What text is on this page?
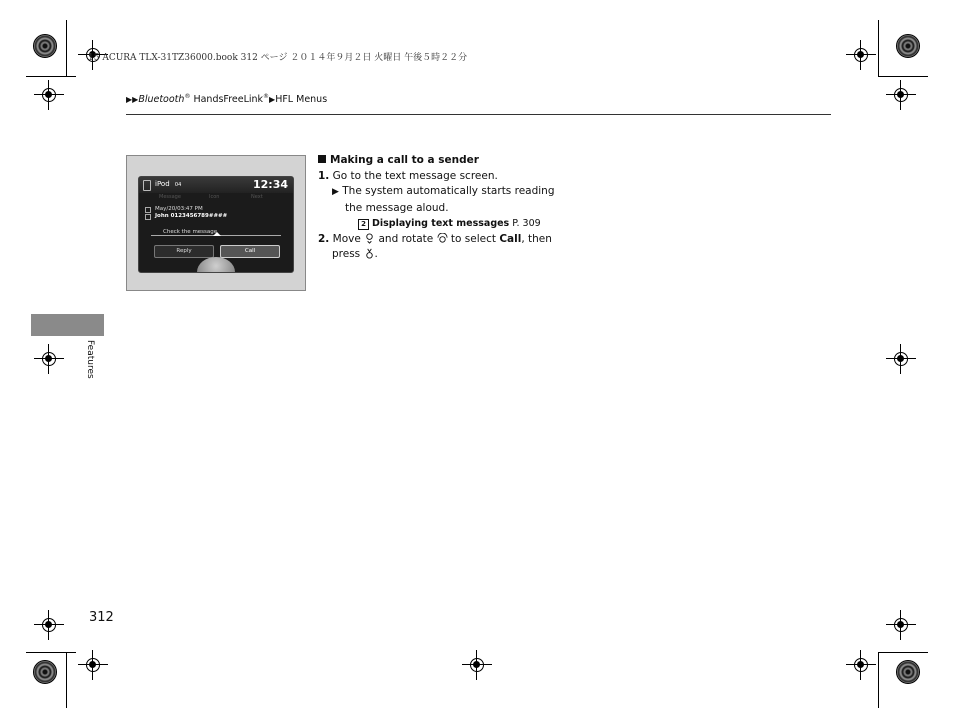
15 ACURA TLX-31TZ36000.book 312 ページ ２０１４年９月２日 火曜日 午後５時２２分
▶▶Bluetooth® HandsFreeLink®▶HFL Menus
iPod 04	12:34
Message	Icon	Next
May/20/03:47 PM
John 0123456789####
Check the message
Reply	Call
Making a call to a sender
1. Go to the text message screen.
▶ The system automatically starts reading
the message aloud.
2 Displaying text messages P. 309
2. Move and rotate to select Call, then
press .
Features
312
